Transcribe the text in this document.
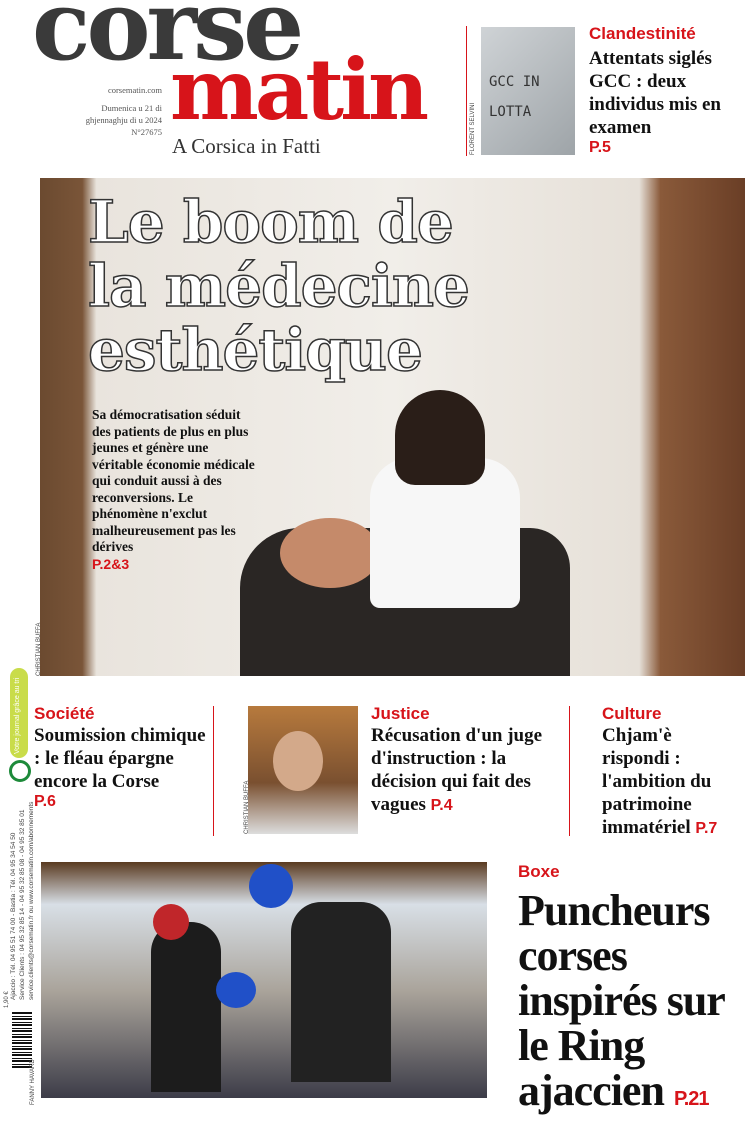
corse
matin
A Corsica in Fatti
corsematin.com
Dumenica u 21 di ghjennaghju di u 2024
N°27675
GCC IN LOTTA
FLORENT SELVINI
Clandestinité
Attentats siglés GCC : deux individus mis en examen
P.5
Le boom de
la médecine
esthétique
Sa démocratisation séduit des patients de plus en plus jeunes et génère une véritable économie médicale qui conduit aussi à des reconversions. Le phénomène n'exclut malheureusement pas les dérives
P.2&3
CHRISTIAN BUFFA
Société
Soumission chimique : le fléau épargne encore la Corse
P.6	CHRISTIAN BUFFA
Justice
Récusation d'un juge d'instruction : la décision qui fait des vagues P.4
Culture
Chjam'è rispondi : l'ambition du patrimoine immatériel P.7
Boxe
Puncheurs corses inspirés sur le Ring ajaccien P.21
Votre journal grâce au tri
Ajaccio : Tél. 04 95 51 74 00 - Bastia : Tél. 04 95 34 54 50 Service Clients : 04 95 32 85 14 - 04 95 32 85 08 - 04 95 32 85 01 service.clients@corsematin.fr ou www.corsematin.com/abonnements
1,90 €
FANNY HAVARD
